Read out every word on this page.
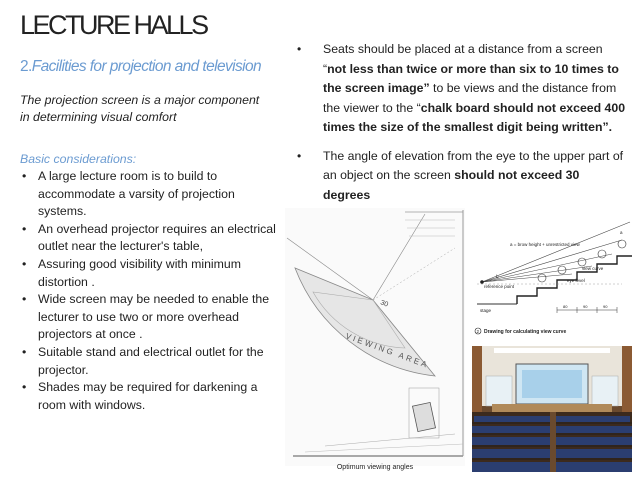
LECTURE HALLS
2.Facilities for projection and television
The projection screen is a major component
in determining visual comfort
Basic considerations:
• A large lecture room is to build to accommodate a varsity of projection systems.
• An overhead projector requires an electrical outlet near the lecturer's table,
• Assuring good visibility with minimum distortion .
• Wide screen may be needed to enable the lecturer to use two or more overhead projectors at once .
• Suitable stand and electrical outlet for the projector.
• Shades may be required for darkening a room with windows.
• Seats should be placed at a distance from a screen “not less than twice or more than six to 10 times to the screen image” to be views and the distance from the viewer to the “chalk board should not exceed 400 times the size of the smallest digit being written”.
• The angle of elevation from the eye to the upper part of an object on the screen should not exceed 30 degrees
VIEWING AREA
30
Optimum viewing angles
a = brow height + unrestricted view
view curve
eye level
reference point
stage
b
a
80	90	90
2 Drawing for calculating view curve
